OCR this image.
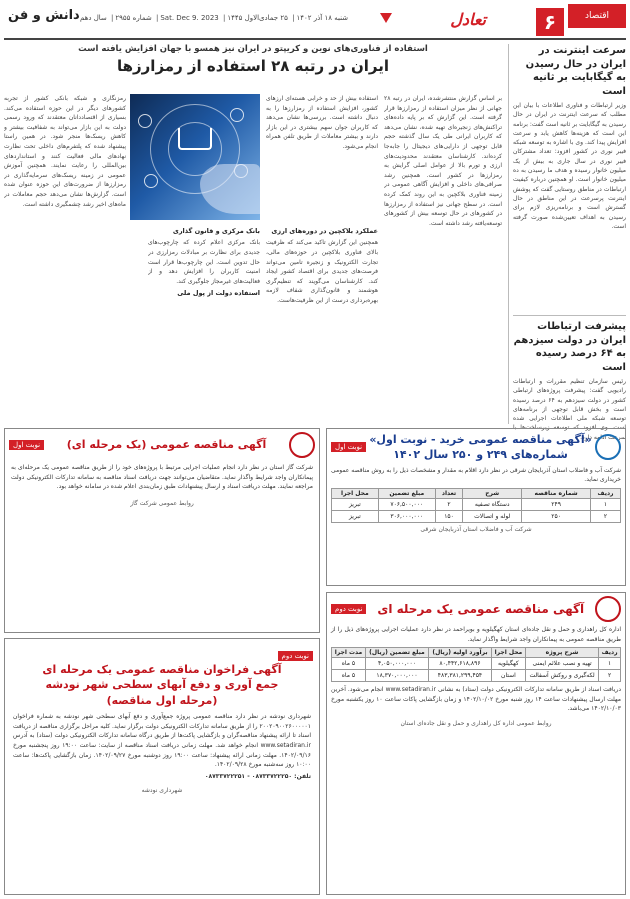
اقتصاد
۶
تعادل
شنبه ۱۸ آذر ۱۴۰۲| ۲۵ جمادی‌الاول ۱۴۴۵| Sat. Dec 9. 2023| شماره ۲۹۵۵| سال دهم
دانش و فن
سرعت اینترنت در ایران در حال رسیدن به گیگابایت بر ثانیه است
وزیر ارتباطات و فناوری اطلاعات با بیان این مطلب که سرعت اینترنت در ایران در حال رسیدن به گیگابایت بر ثانیه است گفت: برنامه این است که هزینه‌ها کاهش یابد و سرعت افزایش پیدا کند. وی با اشاره به توسعه شبکه فیبر نوری در کشور افزود: تعداد مشترکان فیبر نوری در سال جاری به بیش از یک میلیون خانوار رسیده و هدف ما رسیدن به ده میلیون خانوار است. او همچنین درباره کیفیت ارتباطات در مناطق روستایی گفت که پوشش اینترنت پرسرعت در این مناطق در حال گسترش است و برنامه‌ریزی لازم برای رسیدن به اهداف تعیین‌شده صورت گرفته است.
پیشرفت ارتباطات ایران در دولت سیزدهم به ۶۴ درصد رسیده است
رئیس سازمان تنظیم مقررات و ارتباطات رادیویی گفت: پیشرفت پروژه‌های ارتباطی کشور در دولت سیزدهم به ۶۴ درصد رسیده است و بخش قابل توجهی از برنامه‌های توسعه شبکه ملی اطلاعات اجرایی شده است. وی افزود که توسعه زیرساخت‌ها با سرعت ادامه دارد.
استفاده از فناوری‌های نوین و کریپتو در ایران نیز همسو با جهان افزایش یافته است
ایران در رتبه ۲۸ استفاده از رمزارزها
بر اساس گزارش منتشرشده، ایران در رتبه ۲۸ جهانی از نظر میزان استفاده از رمزارزها قرار گرفته است. این گزارش که بر پایه داده‌های تراکنش‌های زنجیره‌ای تهیه شده، نشان می‌دهد که کاربران ایرانی طی یک سال گذشته حجم قابل توجهی از دارایی‌های دیجیتال را جابه‌جا کرده‌اند. کارشناسان معتقدند محدودیت‌های ارزی و تورم بالا از عوامل اصلی گرایش به رمزارزها در کشور است. همچنین رشد صرافی‌های داخلی و افزایش آگاهی عمومی در زمینه فناوری بلاکچین به این روند کمک کرده است. در سطح جهانی نیز استفاده از رمزارزها در کشورهای در حال توسعه بیش از کشورهای توسعه‌یافته رشد داشته است.
استفاده بیش از حد و خرابی هسته‌ای ارزهای کشور، افزایش استفاده از رمزارزها را به دنبال داشته است. بررسی‌ها نشان می‌دهد که کاربران جوان سهم بیشتری در این بازار دارند و بیشتر معاملات از طریق تلفن همراه انجام می‌شود.
عملکرد بلاکچین در دوره‌های ارزی
همچنین این گزارش تاکید می‌کند که ظرفیت بالای فناوری بلاکچین در حوزه‌های مالی، تجارت الکترونیک و زنجیره تامین می‌تواند فرصت‌های جدیدی برای اقتصاد کشور ایجاد کند. کارشناسان می‌گویند که تنظیم‌گری هوشمند و قانون‌گذاری شفاف لازمه بهره‌برداری درست از این ظرفیت‌هاست.
بانک مرکزی و قانون گذاری
بانک مرکزی اعلام کرده که چارچوب‌های جدیدی برای نظارت بر مبادلات رمزارزی در حال تدوین است. این چارچوب‌ها قرار است امنیت کاربران را افزایش دهد و از فعالیت‌های غیرمجاز جلوگیری کند.
استفاده دولت از پول ملی
رمزنگاری و شبکه بانکی کشور از تجربه کشورهای دیگر در این حوزه استفاده می‌کند. بسیاری از اقتصاددانان معتقدند که ورود رسمی دولت به این بازار می‌تواند به شفافیت بیشتر و کاهش ریسک‌ها منجر شود. در همین راستا پیشنهاد شده که پلتفرم‌های داخلی تحت نظارت نهادهای مالی فعالیت کنند و استانداردهای بین‌المللی را رعایت نمایند. همچنین آموزش عمومی در زمینه ریسک‌های سرمایه‌گذاری در رمزارزها از ضرورت‌های این حوزه عنوان شده است. گزارش‌ها نشان می‌دهد حجم معاملات در ماه‌های اخیر رشد چشمگیری داشته است.
«آگهی مناقصه عمومی خرید - نوبت اول»
شماره‌های ۲۴۹ و ۲۵۰ سال ۱۴۰۲
نوبت اول
شرکت آب و فاضلاب استان آذربایجان شرقی در نظر دارد اقلام به مقدار و مشخصات ذیل را به روش مناقصه عمومی خریداری نماید.
ردیف	شماره مناقصه	شرح	تعداد	مبلغ تضمین	محل اجرا
۱	۲۴۹	دستگاه تصفیه	۲	۷۰۶,۵۰۰,۰۰۰	تبریز
۲	۲۵۰	لوله و اتصالات	۱۵۰	۳۰۶,۰۰۰,۰۰۰	تبریز
شرکت آب و فاضلاب استان آذربایجان شرقی
آگهی مناقصه عمومی (یک مرحله ای)
نوبت اول
شرکت گاز استان در نظر دارد انجام عملیات اجرایی مرتبط با پروژه‌های خود را از طریق مناقصه عمومی یک مرحله‌ای به پیمانکاران واجد شرایط واگذار نماید. متقاضیان می‌توانند جهت دریافت اسناد مناقصه به سامانه تدارکات الکترونیکی دولت مراجعه نمایند. مهلت دریافت اسناد و ارسال پیشنهادات طبق زمان‌بندی اعلام شده در سامانه خواهد بود.
روابط عمومی شرکت گاز
آگهی مناقصه عمومی یک مرحله ای
نوبت دوم
اداره کل راهداری و حمل و نقل جاده‌ای استان کهگیلویه و بویراحمد در نظر دارد عملیات اجرایی پروژه‌های ذیل را از طریق مناقصه عمومی به پیمانکاران واجد شرایط واگذار نماید.
ردیف	شرح پروژه	محل اجرا	برآورد اولیه (ریال)	مبلغ تضمین (ریال)	مدت اجرا
۱	تهیه و نصب علائم ایمنی	کهگیلویه	۸۰,۴۴۲,۶۱۸,۸۹۶	۴,۰۵۰,۰۰۰,۰۰۰	۵ ماه
۲	لکه‌گیری و روکش آسفالت	استان	۴۸۳,۳۸۱,۲۹۹,۴۵۴	۱۸,۳۷۰,۰۰۰,۰۰۰	۵ ماه
دریافت اسناد از طریق سامانه تدارکات الکترونیکی دولت (ستاد) به نشانی www.setadiran.ir انجام می‌شود. آخرین مهلت ارسال پیشنهادات ساعت ۱۴ روز شنبه مورخ ۱۴۰۲/۱۰/۰۲ و زمان بازگشایی پاکات ساعت ۱۰ روز یکشنبه مورخ ۱۴۰۲/۱۰/۰۳ می‌باشد.
روابط عمومی اداره کل راهداری و حمل و نقل جاده‌ای استان
نوبت دوم
آگهی فراخوان مناقصه عمومی یک مرحله ای
جمع آوری و دفع آبهای سطحی شهر نودشه
(مرحله اول مناقصه)
شهرداری نودشه در نظر دارد مناقصه عمومی پروژه جمع‌آوری و دفع آبهای سطحی شهر نودشه به شماره فراخوان ۲۰۰۲۰۹۰۰۲۶۰۰۰۰۰۱ را از طریق سامانه تدارکات الکترونیکی دولت برگزار نماید. کلیه مراحل برگزاری مناقصه از دریافت اسناد تا ارائه پیشنهاد مناقصه‌گران و بازگشایی پاکت‌ها از طریق درگاه سامانه تدارکات الکترونیکی دولت (ستاد) به آدرس www.setadiran.ir انجام خواهد شد. مهلت زمانی دریافت اسناد مناقصه از سایت: ساعت ۱۹:۰۰ روز پنجشنبه مورخ ۱۴۰۲/۰۹/۱۶. مهلت زمانی ارائه پیشنهاد: ساعت ۱۹:۰۰ روز دوشنبه مورخ ۱۴۰۲/۰۹/۲۷. زمان بازگشایی پاکت‌ها: ساعت ۱۰:۰۰ روز سه‌شنبه مورخ ۱۴۰۲/۰۹/۲۸.
تلفن: ۰۸۷۳۳۷۲۲۲۵۰ - ۰۸۷۳۳۷۲۲۲۵۱
شهرداری نودشه
